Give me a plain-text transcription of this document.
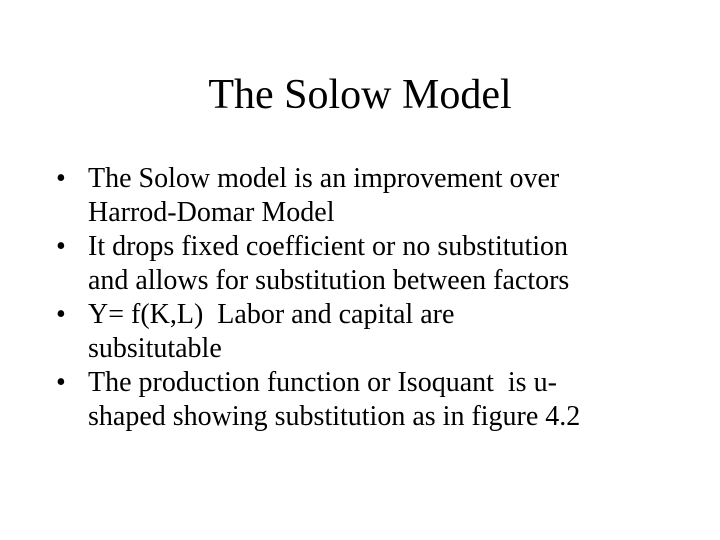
The Solow Model
• The Solow model is an improvement over
Harrod-Domar Model
• It drops fixed coefficient or no substitution
and allows for substitution between factors
• Y= f(K,L)  Labor and capital are
subsitutable
• The production function or Isoquant  is u-
shaped showing substitution as in figure 4.2
